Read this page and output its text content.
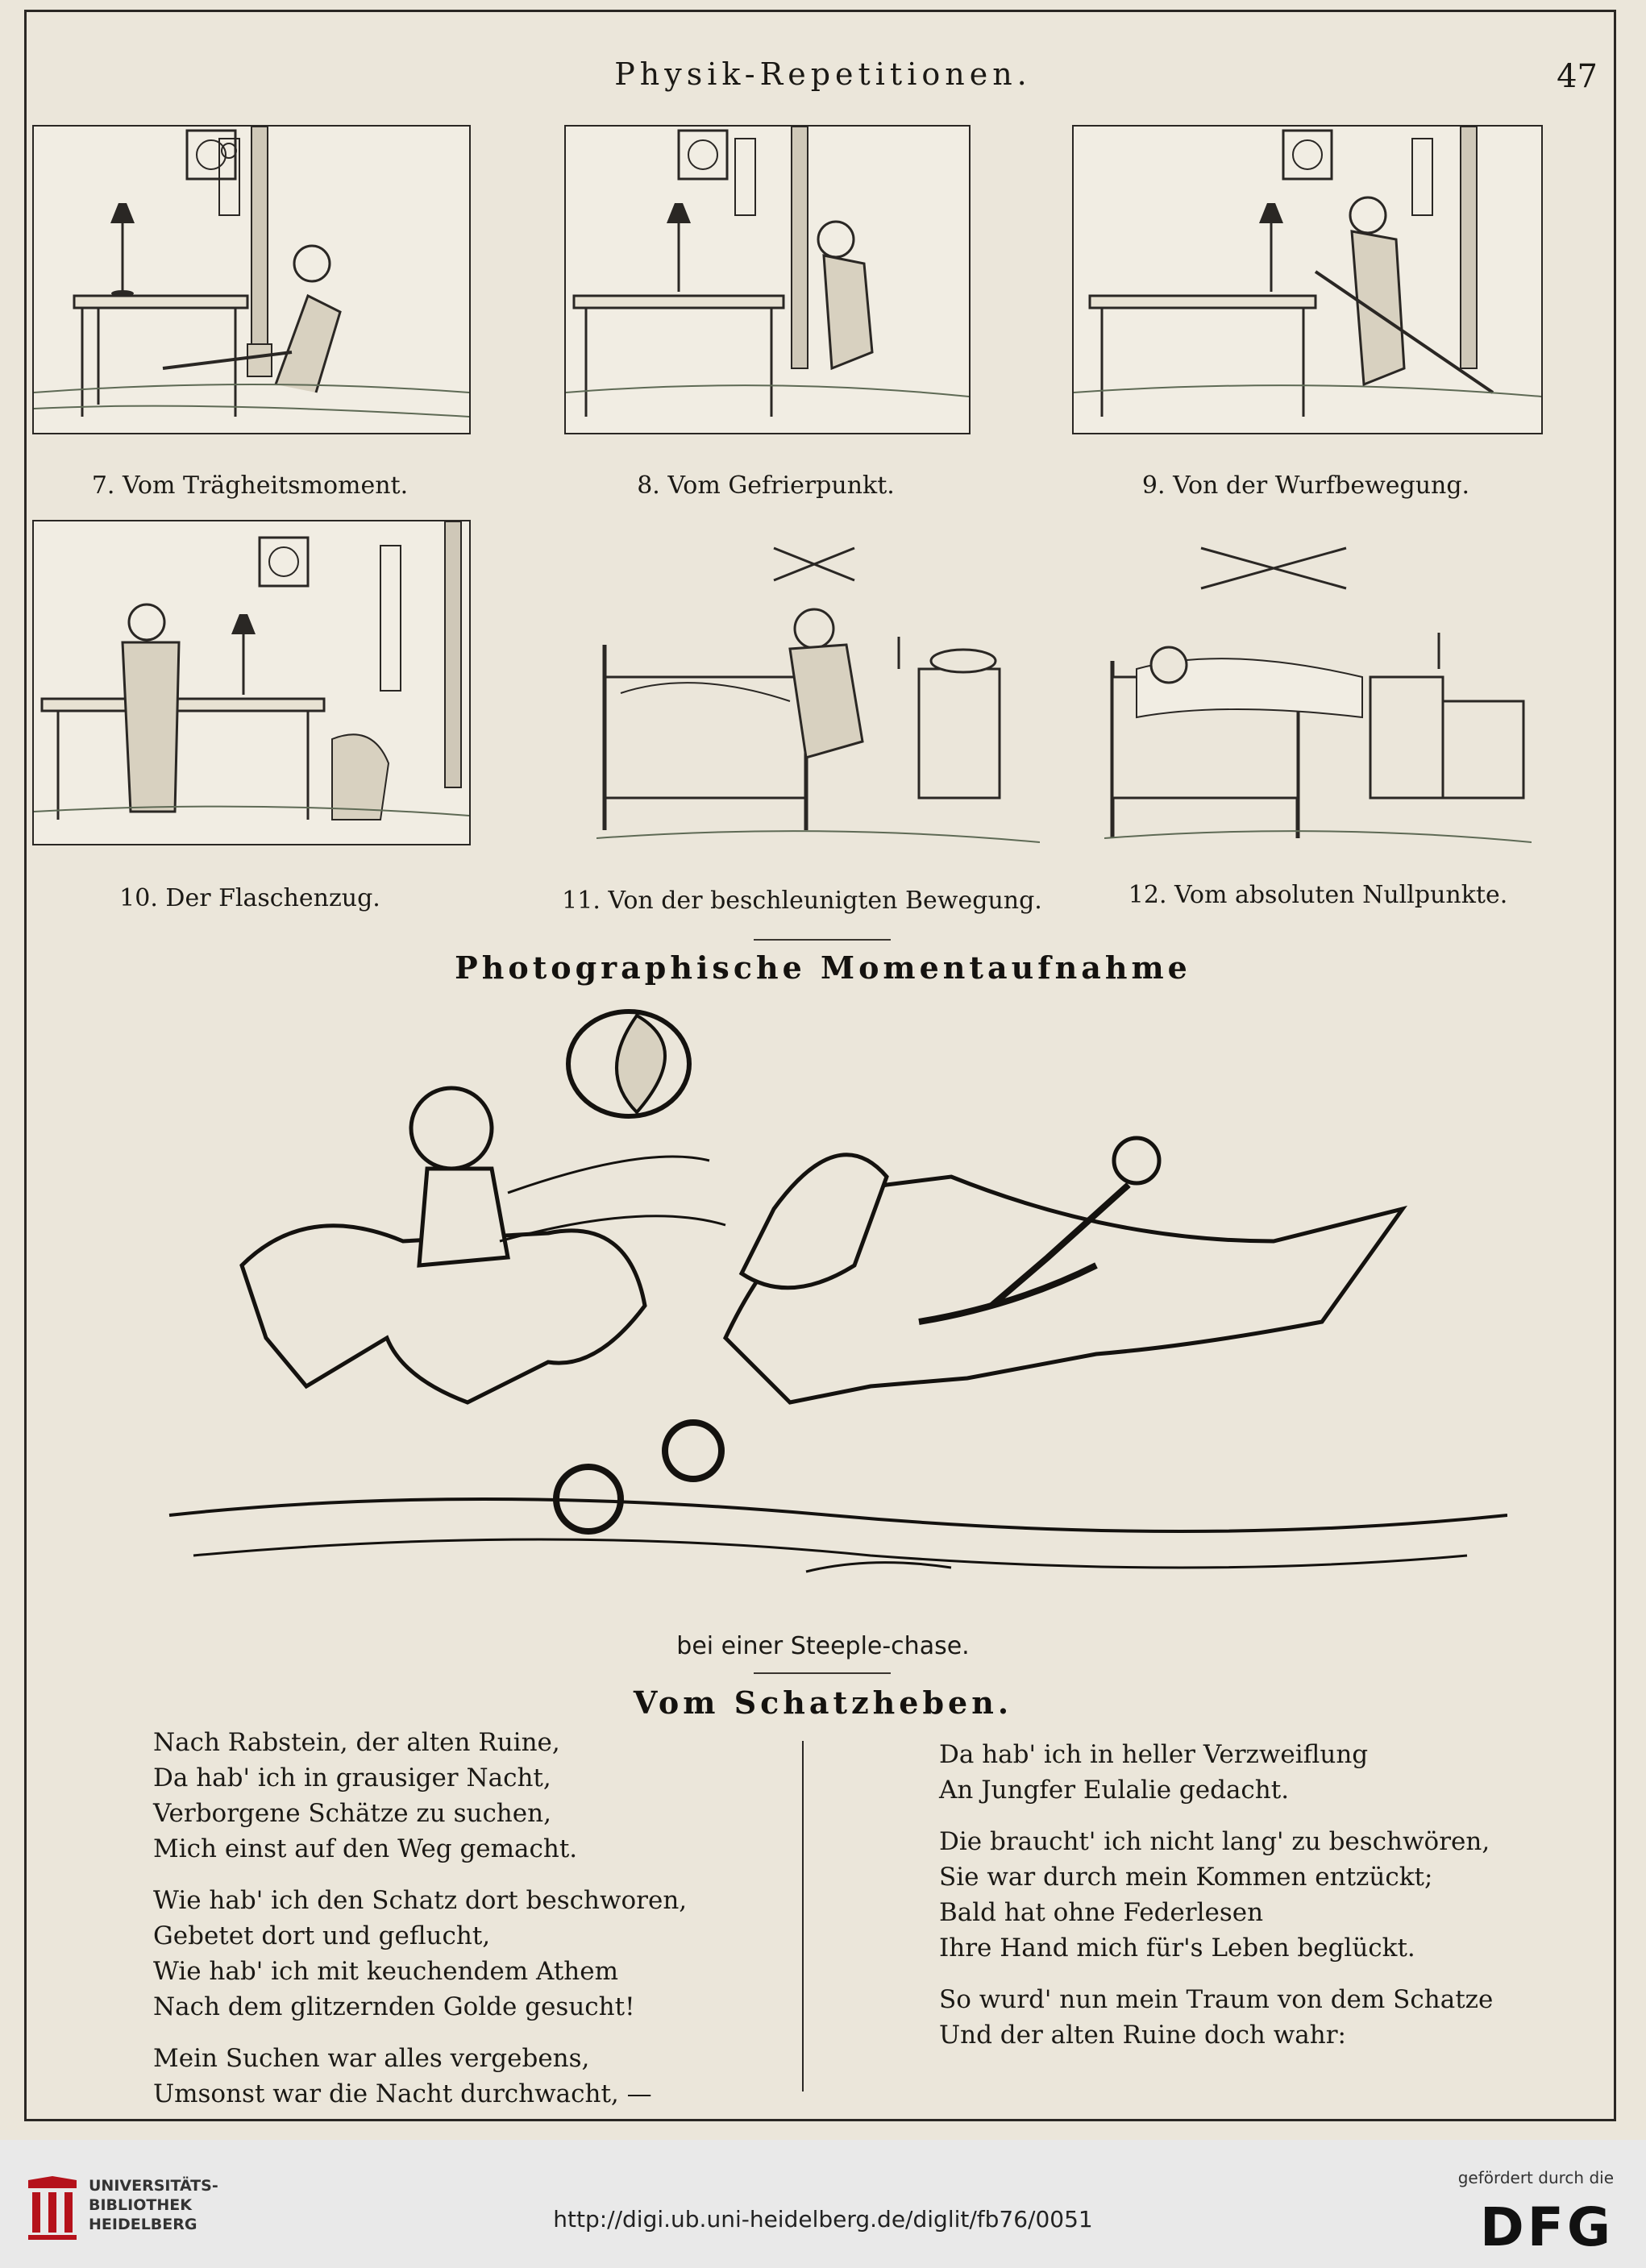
Physik-Repetitionen.	47
7. Vom Trägheitsmoment.	8. Vom Gefrierpunkt.	9. Von der Wurfbewegung.
10. Der Flaschenzug.	11. Von der beschleunigten Bewegung.	12. Vom absoluten Nullpunkte.
Photographische Momentaufnahme
bei einer Steeple-chase.
Vom Schatzheben.
Nach Rabstein, der alten Ruine,
Da hab' ich in grausiger Nacht,
Verborgene Schätze zu suchen,
Mich einst auf den Weg gemacht.
Wie hab' ich den Schatz dort beschworen,
Gebetet dort und geflucht,
Wie hab' ich mit keuchendem Athem
Nach dem glitzernden Golde gesucht!
Mein Suchen war alles vergebens,
Umsonst war die Nacht durchwacht, —
Da hab' ich in heller Verzweiflung
An Jungfer Eulalie gedacht.
Die braucht' ich nicht lang' zu beschwören,
Sie war durch mein Kommen entzückt;
Bald hat ohne Federlesen
Ihre Hand mich für's Leben beglückt.
So wurd' nun mein Traum von dem Schatze
Und der alten Ruine doch wahr:
UNIVERSITÄTS-
BIBLIOTHEK
HEIDELBERG	http://digi.ub.uni-heidelberg.de/diglit/fb76/0051
gefördert durch die
DFG
